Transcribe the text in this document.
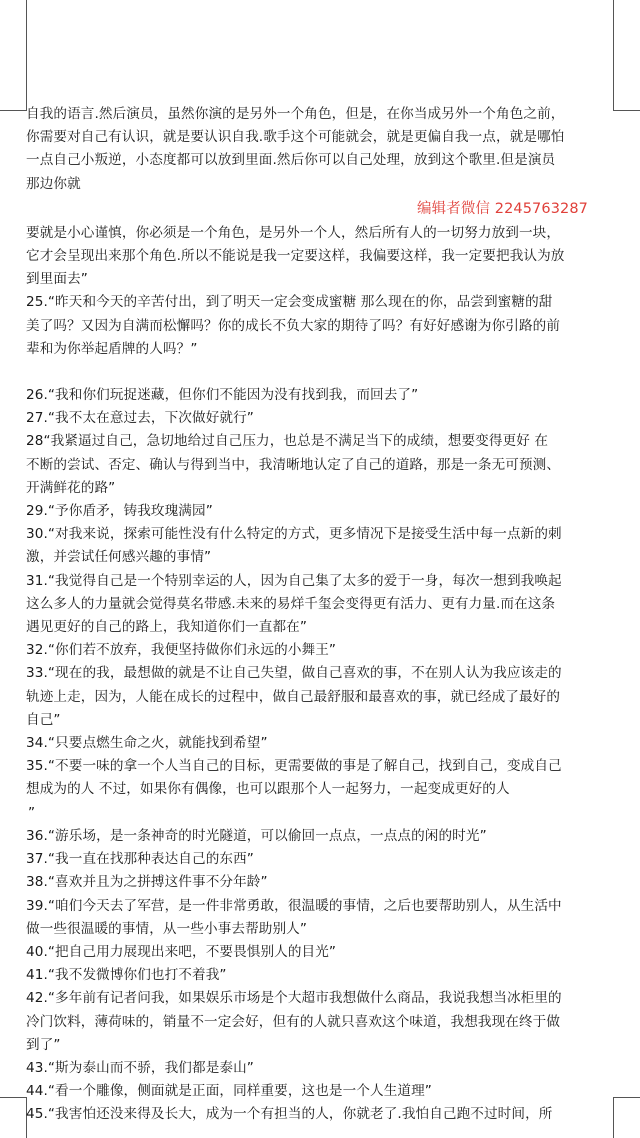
自我的语言.然后演员，虽然你演的是另外一个角色，但是，在你当成另外一个角色之前，
你需要对自己有认识，就是要认识自我.歌手这个可能就会，就是更偏自我一点，就是哪怕
一点自己小叛逆，小态度都可以放到里面.然后你可以自己处理，放到这个歌里.但是演员
那边你就

编辑者微信 2245763287

要就是小心谨慎，你必须是一个角色，是另外一个人，然后所有人的一切努力放到一块，
它才会呈现出来那个角色.所以不能说是我一定要这样，我偏要这样，我一定要把我认为放
到里面去”

25.“昨天和今天的辛苦付出，到了明天一定会变成蜜糖 那么现在的你，品尝到蜜糖的甜
美了吗？又因为自满而松懈吗？你的成长不负大家的期待了吗？有好好感谢为你引路的前
辈和为你举起盾牌的人吗？”

26.“我和你们玩捉迷藏，但你们不能因为没有找到我，而回去了”

27.“我不太在意过去，下次做好就行”

28“我紧逼过自己，急切地给过自己压力，也总是不满足当下的成绩，想要变得更好 在
不断的尝试、否定、确认与得到当中，我清晰地认定了自己的道路，那是一条无可预测、
开满鲜花的路”

29.“予你盾矛，铸我玫瑰满园”

30.“对我来说，探索可能性没有什么特定的方式，更多情况下是接受生活中每一点新的刺
激，并尝试任何感兴趣的事情”

31.“我觉得自己是一个特别幸运的人，因为自己集了太多的爱于一身，每次一想到我唤起
这么多人的力量就会觉得莫名带感.未来的易烊千玺会变得更有活力、更有力量.而在这条
遇见更好的自己的路上，我知道你们一直都在”

32.“你们若不放弃，我便坚持做你们永远的小舞王”

33.“现在的我，最想做的就是不让自己失望，做自己喜欢的事，不在别人认为我应该走的
轨迹上走，因为，人能在成长的过程中，做自己最舒服和最喜欢的事，就已经成了最好的
自己”

34.“只要点燃生命之火，就能找到希望”

35.“不要一味的拿一个人当自己的目标，更需要做的事是了解自己，找到自己，变成自己
想成为的人 不过，如果你有偶像，也可以跟那个人一起努力，一起变成更好的人
”

36.“游乐场，是一条神奇的时光隧道，可以偷回一点点，一点点的闲的时光”

37.“我一直在找那种表达自己的东西”

38.“喜欢并且为之拼搏这件事不分年龄”

39.“咱们今天去了军营，是一件非常勇敢，很温暖的事情，之后也要帮助别人，从生活中
做一些很温暖的事情，从一些小事去帮助别人”

40.“把自己用力展现出来吧，不要畏惧别人的目光”

41.“我不发微博你们也打不着我”

42.“多年前有记者问我，如果娱乐市场是个大超市我想做什么商品，我说我想当冰柜里的
冷门饮料，薄荷味的，销量不一定会好，但有的人就只喜欢这个味道，我想我现在终于做
到了”

43.“斯为泰山而不骄，我们都是泰山”

44.“看一个雕像，侧面就是正面，同样重要，这也是一个人生道理”

45.“我害怕还没来得及长大，成为一个有担当的人，你就老了.我怕自己跑不过时间，所
